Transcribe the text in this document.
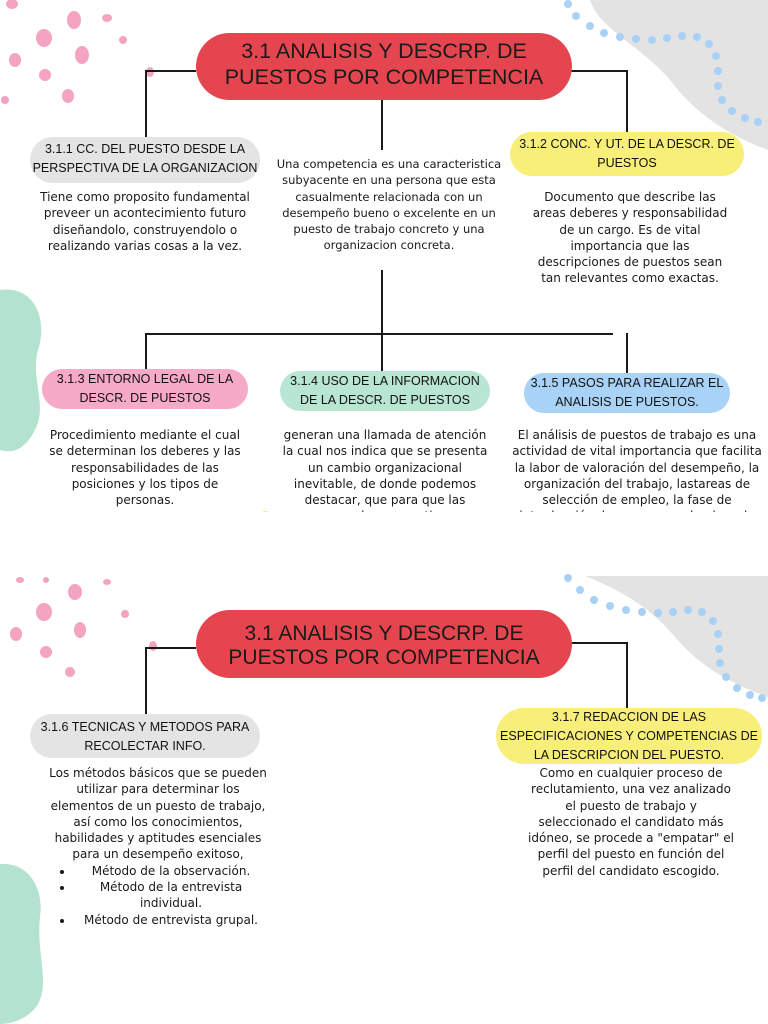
3.1 ANALISIS Y DESCRP. DE PUESTOS POR COMPETENCIA
3.1.1 CC. DEL PUESTO DESDE LA PERSPECTIVA DE LA ORGANIZACION
Tiene como proposito fundamental preveer un acontecimiento futuro diseñandolo, construyendolo o realizando varias cosas a la vez.
Una competencia es una caracteristica subyacente en una persona que esta casualmente relacionada con un desempeño bueno o excelente en un puesto de trabajo concreto y una organizacion concreta.
3.1.2 CONC. Y UT. DE LA DESCR. DE PUESTOS
Documento que describe las areas deberes y responsabilidad de un cargo. Es de vital importancia que las descripciones de puestos sean tan relevantes como exactas.
3.1.3 ENTORNO LEGAL DE LA DESCR. DE PUESTOS
Procedimiento mediante el cual se determinan los deberes y las responsabilidades de las posiciones y los tipos de personas.
3.1.4 USO DE LA INFORMACION DE LA DESCR. DE PUESTOS
generan una llamada de atención la cual nos indica que se presenta un cambio organizacional inevitable, de donde podemos destacar, que para que las
3.1.5 PASOS PARA REALIZAR EL ANALISIS DE PUESTOS.
El análisis de puestos de trabajo es una actividad de vital importancia que facilita la labor de valoración del desempeño, la organización del trabajo, lastareas de selección de empleo, la fase de
3.1 ANALISIS Y DESCRP. DE PUESTOS POR COMPETENCIA
3.1.6 TECNICAS Y METODOS PARA RECOLECTAR INFO.
Los métodos básicos que se pueden utilizar para determinar los elementos de un puesto de trabajo, así como los conocimientos, habilidades y aptitudes esenciales para un desempeño exitoso,
• Método de la observación.
• Método de la entrevista individual.
• Método de entrevista grupal.
3.1.7 REDACCION DE LAS ESPECIFICACIONES Y COMPETENCIAS DE LA DESCRIPCION DEL PUESTO.
Como en cualquier proceso de reclutamiento, una vez analizado el puesto de trabajo y seleccionado el candidato más idóneo, se procede a "empatar" el perfil del puesto en función del perfil del candidato escogido.
